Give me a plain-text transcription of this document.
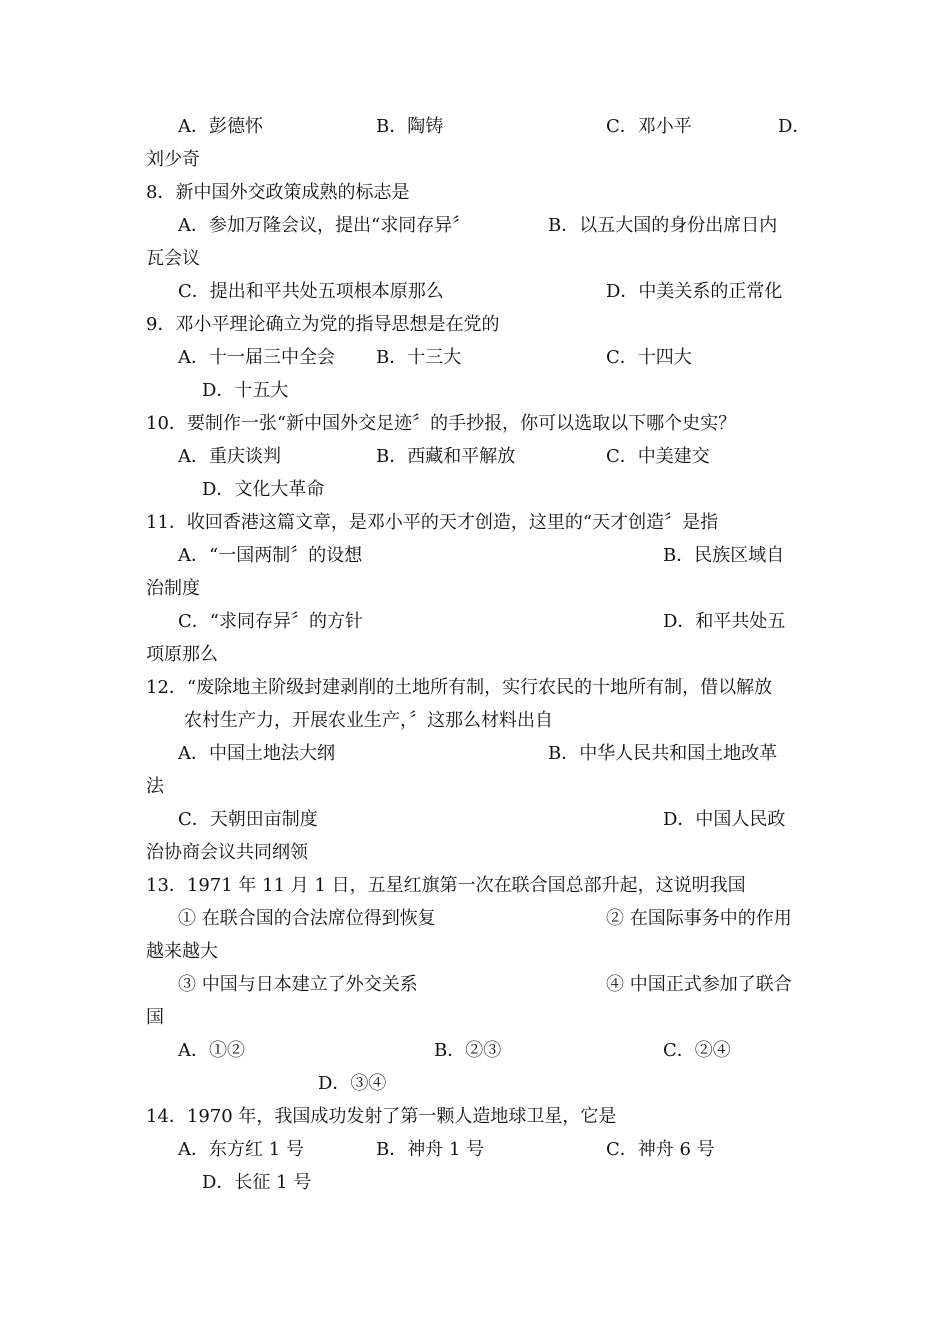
A．彭德怀	B．陶铸	C．邓小平	D．
刘少奇
8．新中国外交政策成熟的标志是
A．参加万隆会议，提出“求同存异〞	B．以五大国的身份出席日内
瓦会议
C．提出和平共处五项根本原那么	D．中美关系的正常化
9．邓小平理论确立为党的指导思想是在党的
A．十一届三中全会 B．十三大	C．十四大
D．十五大
10．要制作一张“新中国外交足迹〞的手抄报，你可以选取以下哪个史实？
A．重庆谈判	B．西藏和平解放	C．中美建交
D．文化大革命
11．收回香港这篇文章，是邓小平的天才创造，这里的“天才创造〞是指
A．“一国两制〞的设想	B．民族区域自
治制度
C．“求同存异〞的方针	D．和平共处五
项原那么
12．“废除地主阶级封建剥削的土地所有制，实行农民的十地所有制，借以解放
农村生产力，开展农业生产，〞这那么材料出自
A．中国土地法大纲	B．中华人民共和国土地改革
法
C．天朝田亩制度	D．中国人民政
治协商会议共同纲领
13．1971 年 11 月 1 日，五星红旗第一次在联合国总部升起，这说明我国
① 在联合国的合法席位得到恢复	② 在国际事务中的作用
越来越大
③ 中国与日本建立了外交关系	④ 中国正式参加了联合
国
A．①②	B．②③	C．②④
D．③④
14．1970 年，我国成功发射了第一颗人造地球卫星，它是
A．东方红 1 号	B．神舟 1 号	C．神舟 6 号
D．长征 1 号
